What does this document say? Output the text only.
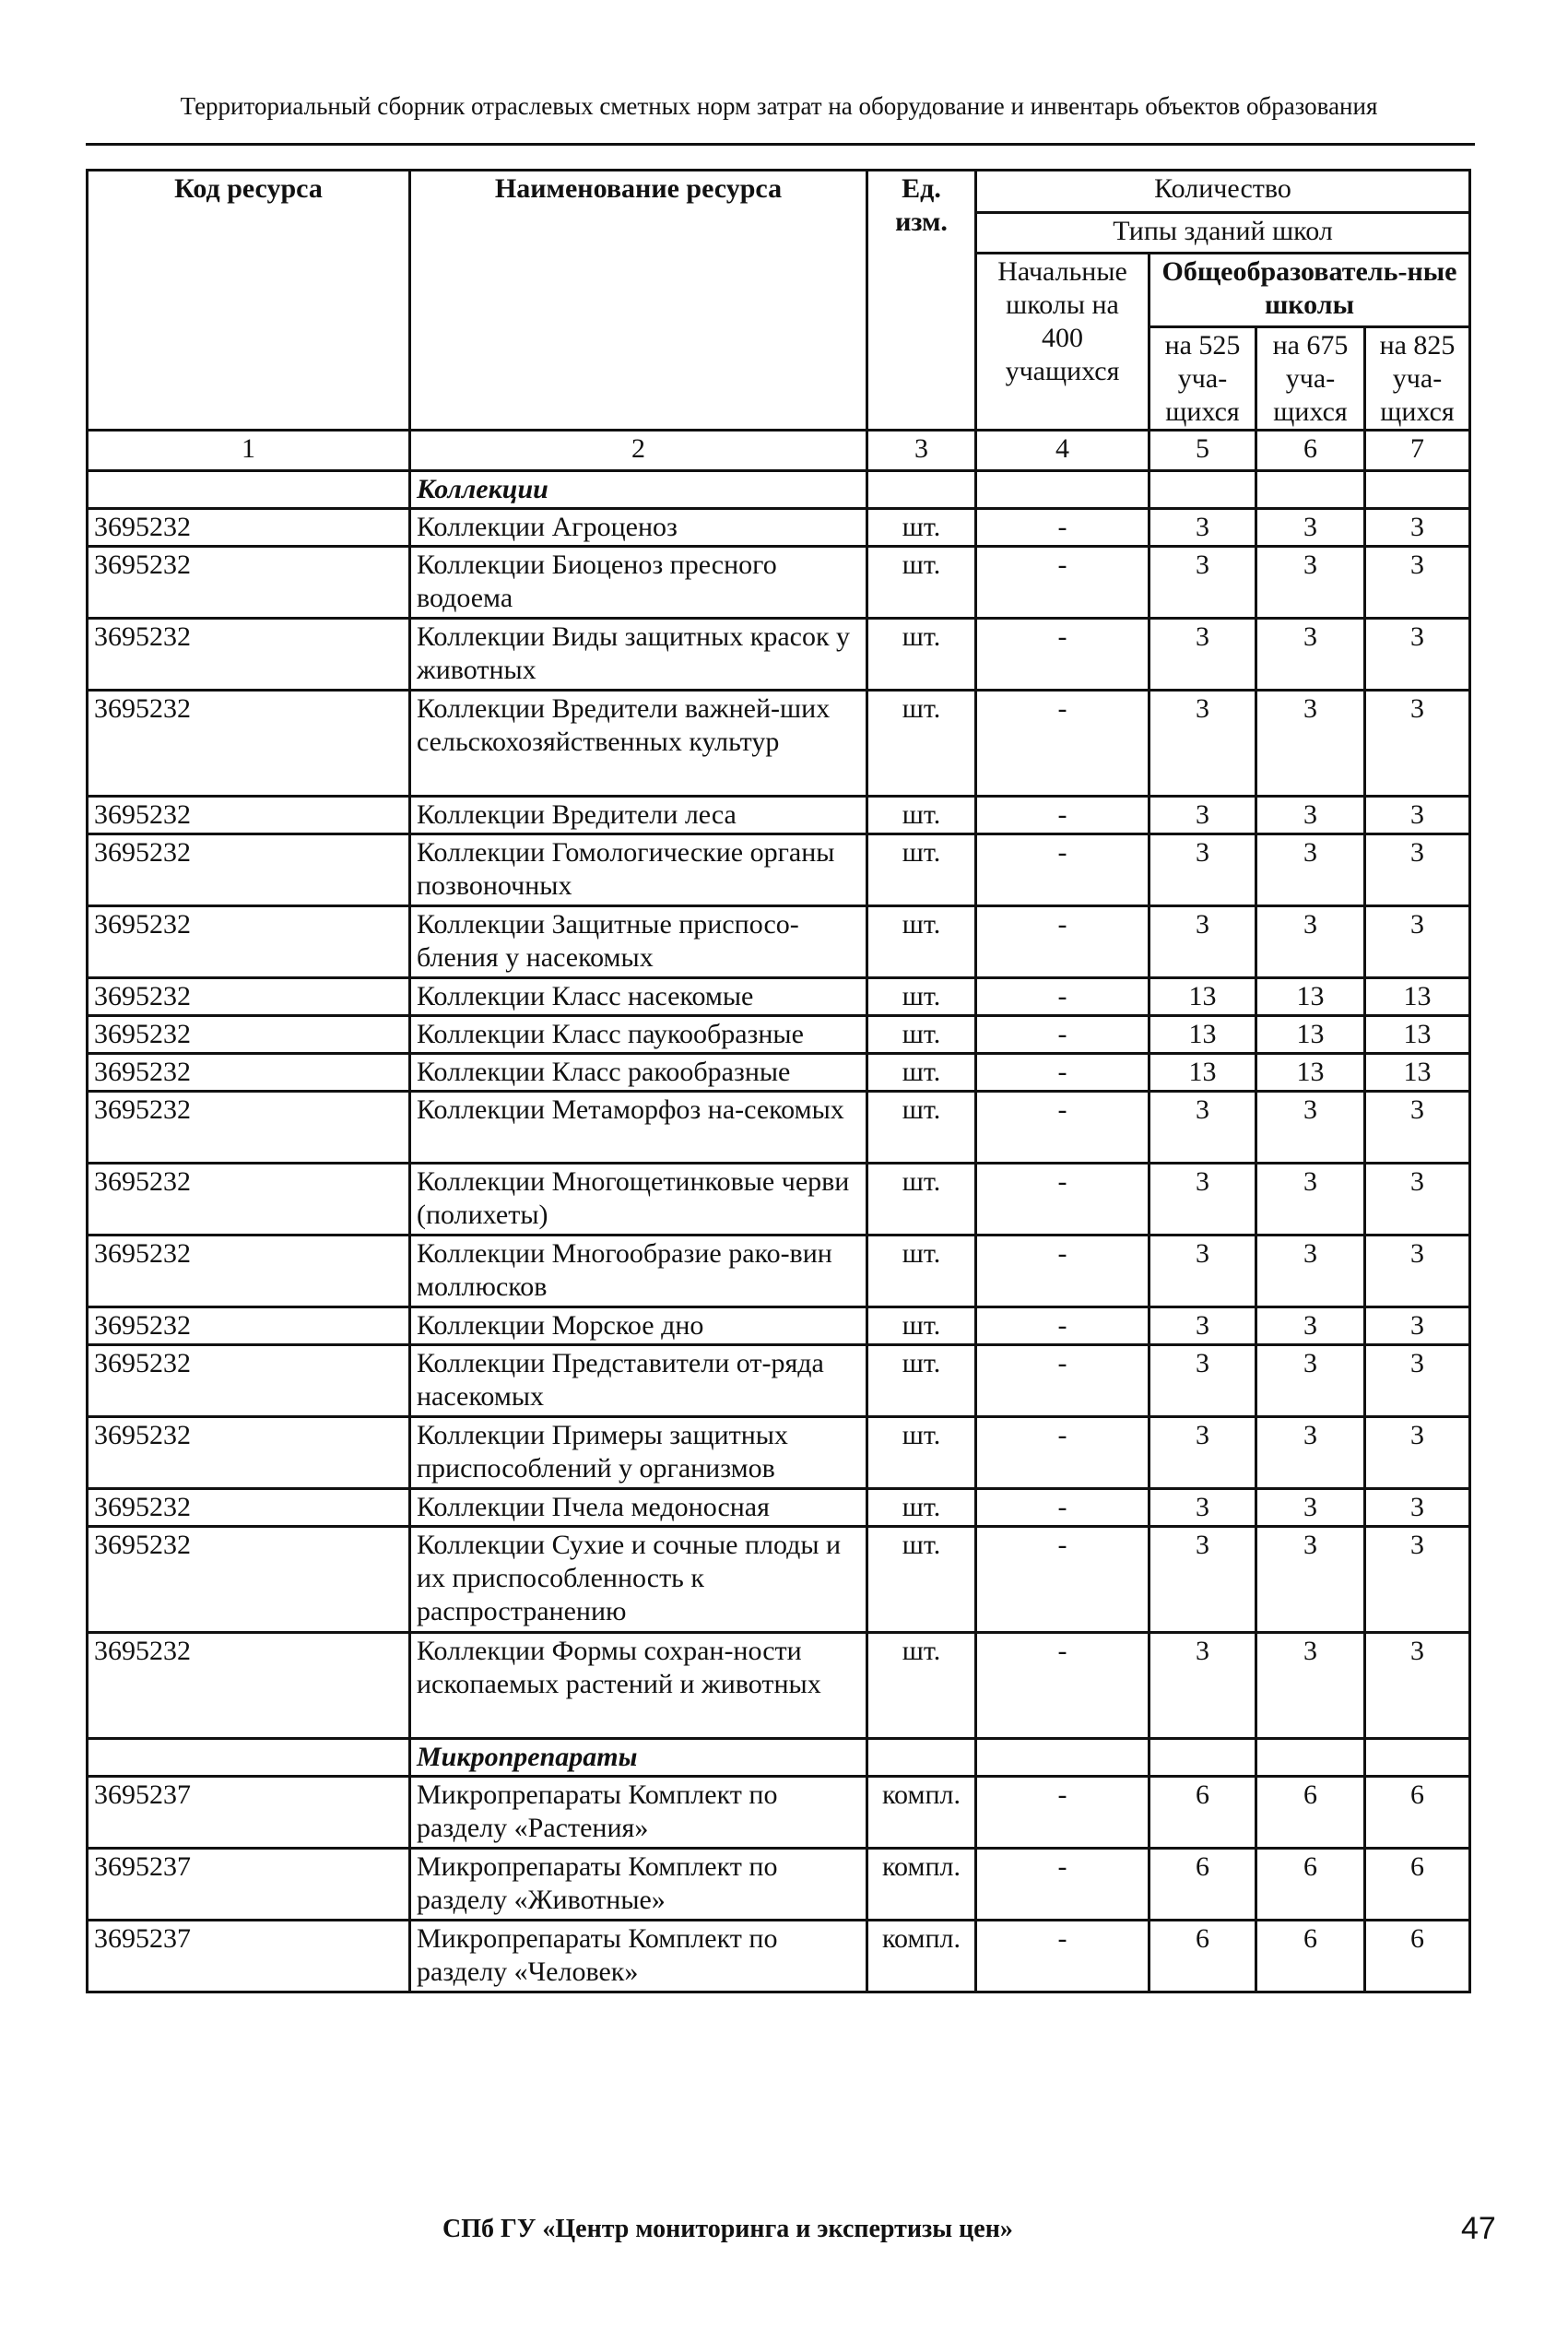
Территориальный сборник отраслевых сметных норм затрат на оборудование и инвентарь объектов образования
Код ресурса	Наименование ресурса	Ед. изм.	Количество			
			Типы зданий школ			
			Начальные школы на 400 учащихся	Общеобразователь-ные школы		
				на 525 уча-щихся	на 675 уча-щихся	на 825 уча-щихся
1	2	3	4	5	6	7
	Коллекции					
3695232	Коллекции Агроценоз	шт.	-	3	3	3
3695232	Коллекции Биоценоз пресного водоема	шт.	-	3	3	3
3695232	Коллекции Виды защитных красок у животных	шт.	-	3	3	3
3695232	Коллекции Вредители важней-ших сельскохозяйственных культур	шт.	-	3	3	3
3695232	Коллекции Вредители леса	шт.	-	3	3	3
3695232	Коллекции Гомологические органы позвоночных	шт.	-	3	3	3
3695232	Коллекции Защитные приспосо-бления у насекомых	шт.	-	3	3	3
3695232	Коллекции Класс насекомые	шт.	-	13	13	13
3695232	Коллекции Класс паукообразные	шт.	-	13	13	13
3695232	Коллекции Класс ракообразные	шт.	-	13	13	13
3695232	Коллекции Метаморфоз на-секомых	шт.	-	3	3	3
3695232	Коллекции Многощетинковые черви (полихеты)	шт.	-	3	3	3
3695232	Коллекции Многообразие рако-вин моллюсков	шт.	-	3	3	3
3695232	Коллекции Морское дно	шт.	-	3	3	3
3695232	Коллекции Представители от-ряда насекомых	шт.	-	3	3	3
3695232	Коллекции Примеры защитных приспособлений у организмов	шт.	-	3	3	3
3695232	Коллекции Пчела медоносная	шт.	-	3	3	3
3695232	Коллекции Сухие и сочные плоды и их приспособленность к распространению	шт.	-	3	3	3
3695232	Коллекции Формы сохран-ности ископаемых растений и животных	шт.	-	3	3	3
	Микропрепараты					
3695237	Микропрепараты Комплект по разделу «Растения»	компл.	-	6	6	6
3695237	Микропрепараты Комплект по разделу «Животные»	компл.	-	6	6	6
3695237	Микропрепараты Комплект по разделу «Человек»	компл.	-	6	6	6
СПб ГУ «Центр мониторинга и экспертизы цен»	47
